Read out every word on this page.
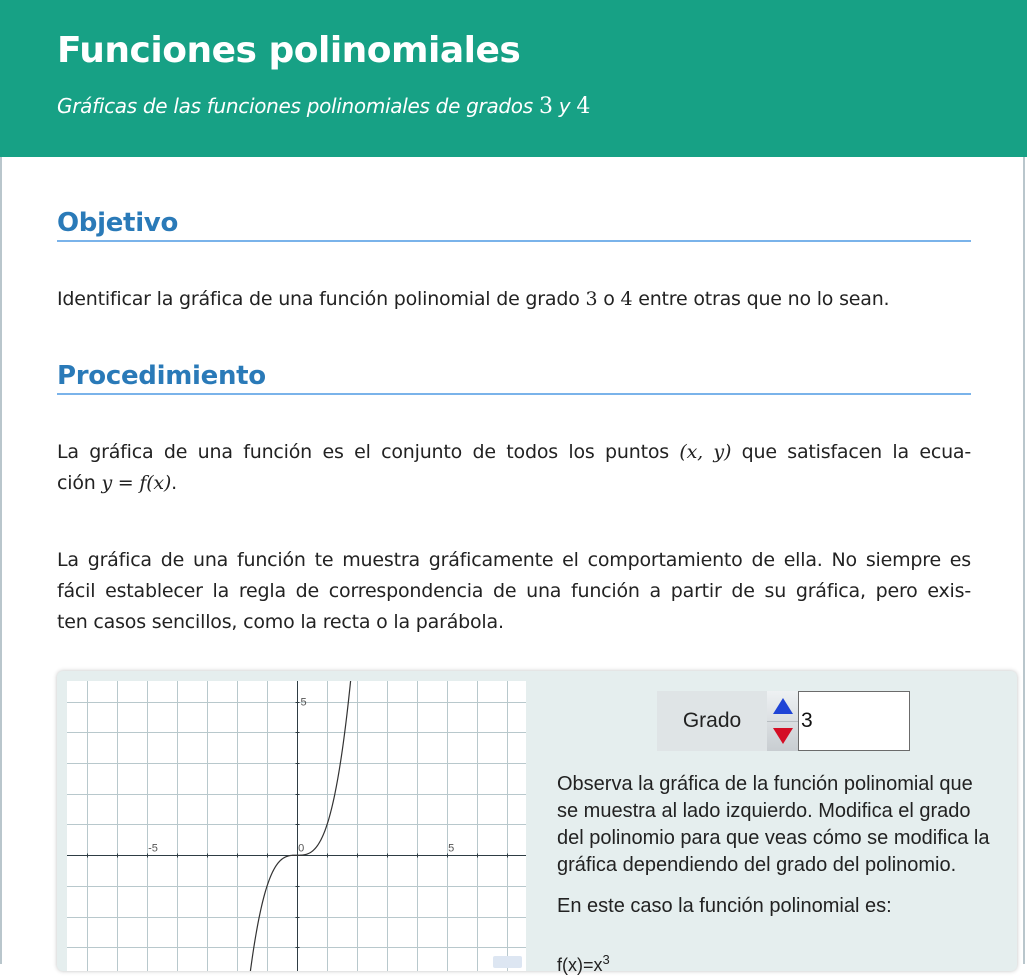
Funciones polinomiales
Gráficas de las funciones polinomiales de grados 3 y 4
Objetivo
Identificar la gráfica de una función polinomial de grado 3 o 4 entre otras que no lo sean.
Procedimiento
La gráfica de una función es el conjunto de todos los puntos (x, y) que satisfacen la ecua-
ción y = f(x).
La gráfica de una función te muestra gráficamente el comportamiento de ella. No siempre es
fácil establecer la regla de correspondencia de una función a partir de su gráfica, pero exis-
ten casos sencillos, como la recta o la parábola.
-5	0	5
5
Grado	3

Observa la gráfica de la función polinomial que se muestra al lado izquierdo. Modifica el grado del polinomio para que veas cómo se modifica la gráfica dependiendo del grado del polinomio.

En este caso la función polinomial es:

$f(x)=x^3$
